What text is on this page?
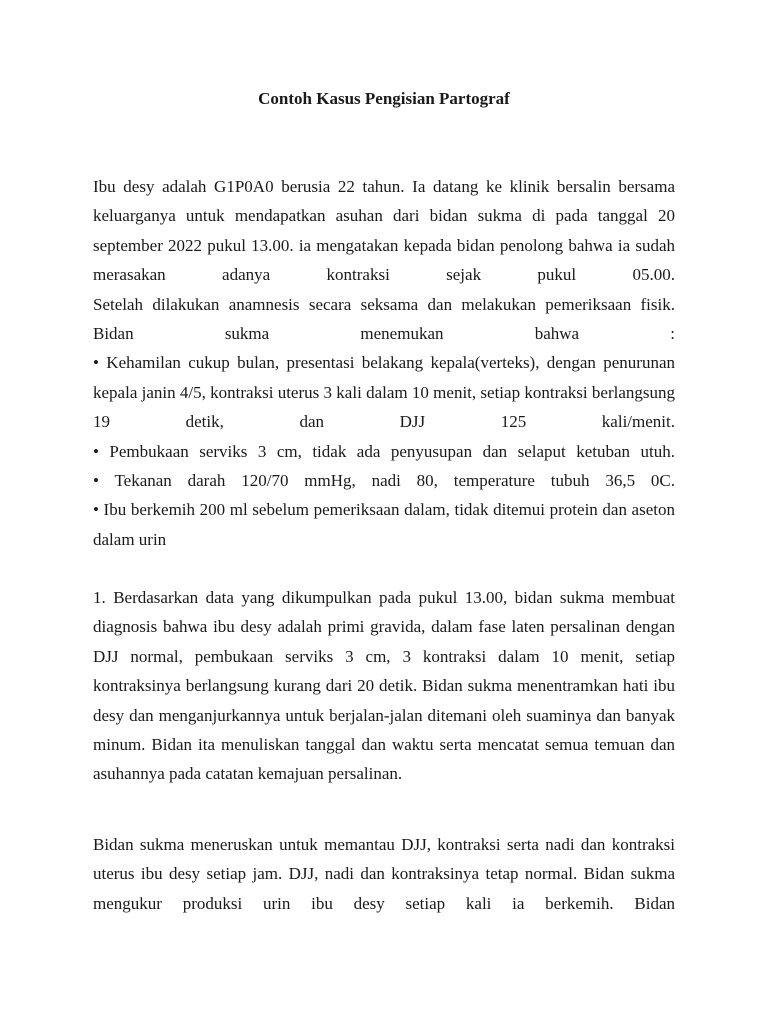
Contoh Kasus Pengisian Partograf

Ibu desy adalah G1P0A0 berusia 22 tahun. Ia datang ke klinik bersalin bersama keluarganya untuk mendapatkan asuhan dari bidan sukma di pada tanggal 20 september 2022 pukul 13.00. ia mengatakan kepada bidan penolong bahwa ia sudah merasakan adanya kontraksi sejak pukul 05.00.

Setelah dilakukan anamnesis secara seksama dan melakukan pemeriksaan fisik. Bidan sukma menemukan bahwa :

• Kehamilan cukup bulan, presentasi belakang kepala(verteks), dengan penurunan kepala janin 4/5, kontraksi uterus 3 kali dalam 10 menit, setiap kontraksi berlangsung 19 detik, dan DJJ 125 kali/menit.

• Pembukaan serviks 3 cm, tidak ada penyusupan dan selaput ketuban utuh.

• Tekanan darah 120/70 mmHg, nadi 80, temperature tubuh 36,5 0C.

• Ibu berkemih 200 ml sebelum pemeriksaan dalam, tidak ditemui protein dan aseton dalam urin

1. Berdasarkan data yang dikumpulkan pada pukul 13.00, bidan sukma membuat diagnosis bahwa ibu desy adalah primi gravida, dalam fase laten persalinan dengan DJJ normal, pembukaan serviks 3 cm, 3 kontraksi dalam 10 menit, setiap kontraksinya berlangsung kurang dari 20 detik. Bidan sukma menentramkan hati ibu desy dan menganjurkannya untuk berjalan-jalan ditemani oleh suaminya dan banyak minum. Bidan ita menuliskan tanggal dan waktu serta mencatat semua temuan dan asuhannya pada catatan kemajuan persalinan.

Bidan sukma meneruskan untuk memantau DJJ, kontraksi serta nadi dan kontraksi uterus ibu desy setiap jam. DJJ, nadi dan kontraksinya tetap normal. Bidan sukma mengukur produksi urin ibu desy setiap kali ia berkemih. Bidan
